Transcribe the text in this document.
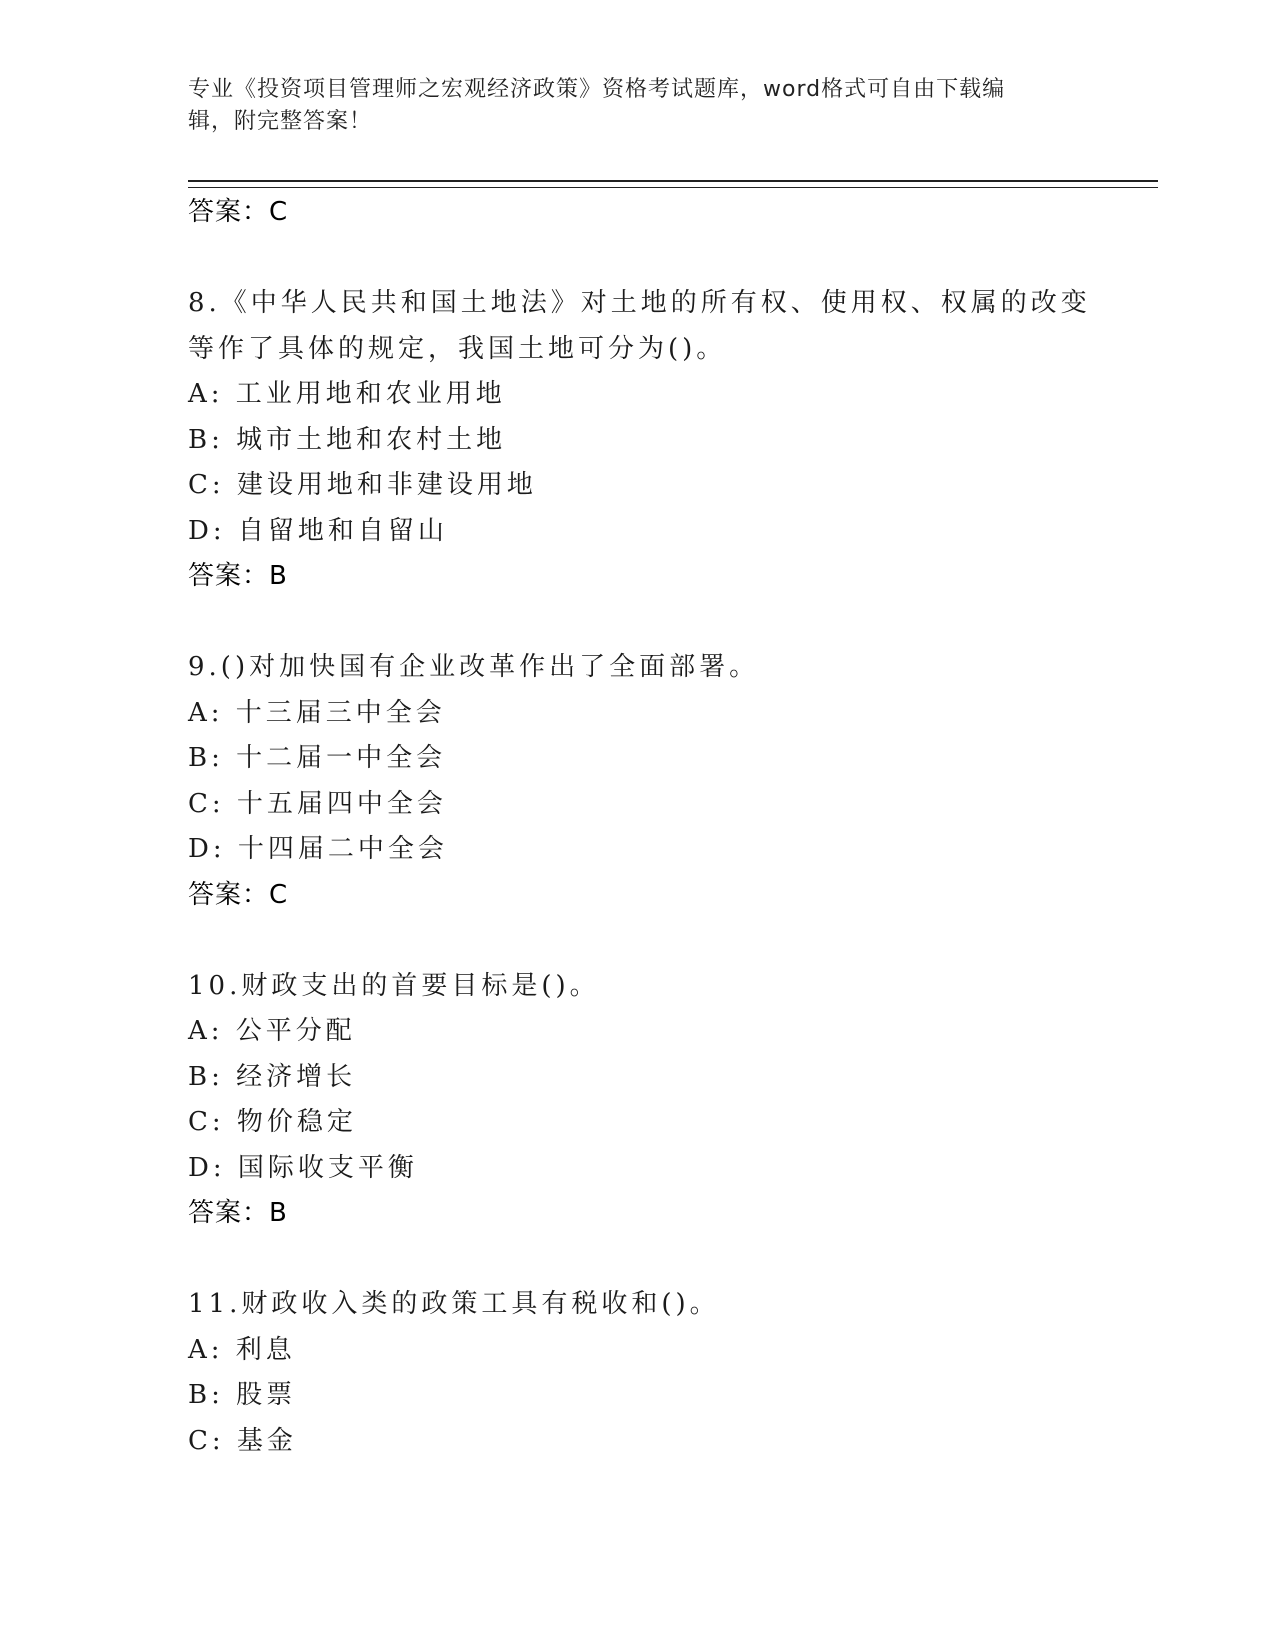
专业《投资项目管理师之宏观经济政策》资格考试题库，word格式可自由下载编
辑，附完整答案！
答案：C
8.《中华人民共和国土地法》对土地的所有权、使用权、权属的改变
等作了具体的规定，我国土地可分为()。
A: 工业用地和农业用地
B: 城市土地和农村土地
C: 建设用地和非建设用地
D: 自留地和自留山
答案：B
9.()对加快国有企业改革作出了全面部署。
A: 十三届三中全会
B: 十二届一中全会
C: 十五届四中全会
D: 十四届二中全会
答案：C
10.财政支出的首要目标是()。
A: 公平分配
B: 经济增长
C: 物价稳定
D: 国际收支平衡
答案：B
11.财政收入类的政策工具有税收和()。
A: 利息
B: 股票
C: 基金
